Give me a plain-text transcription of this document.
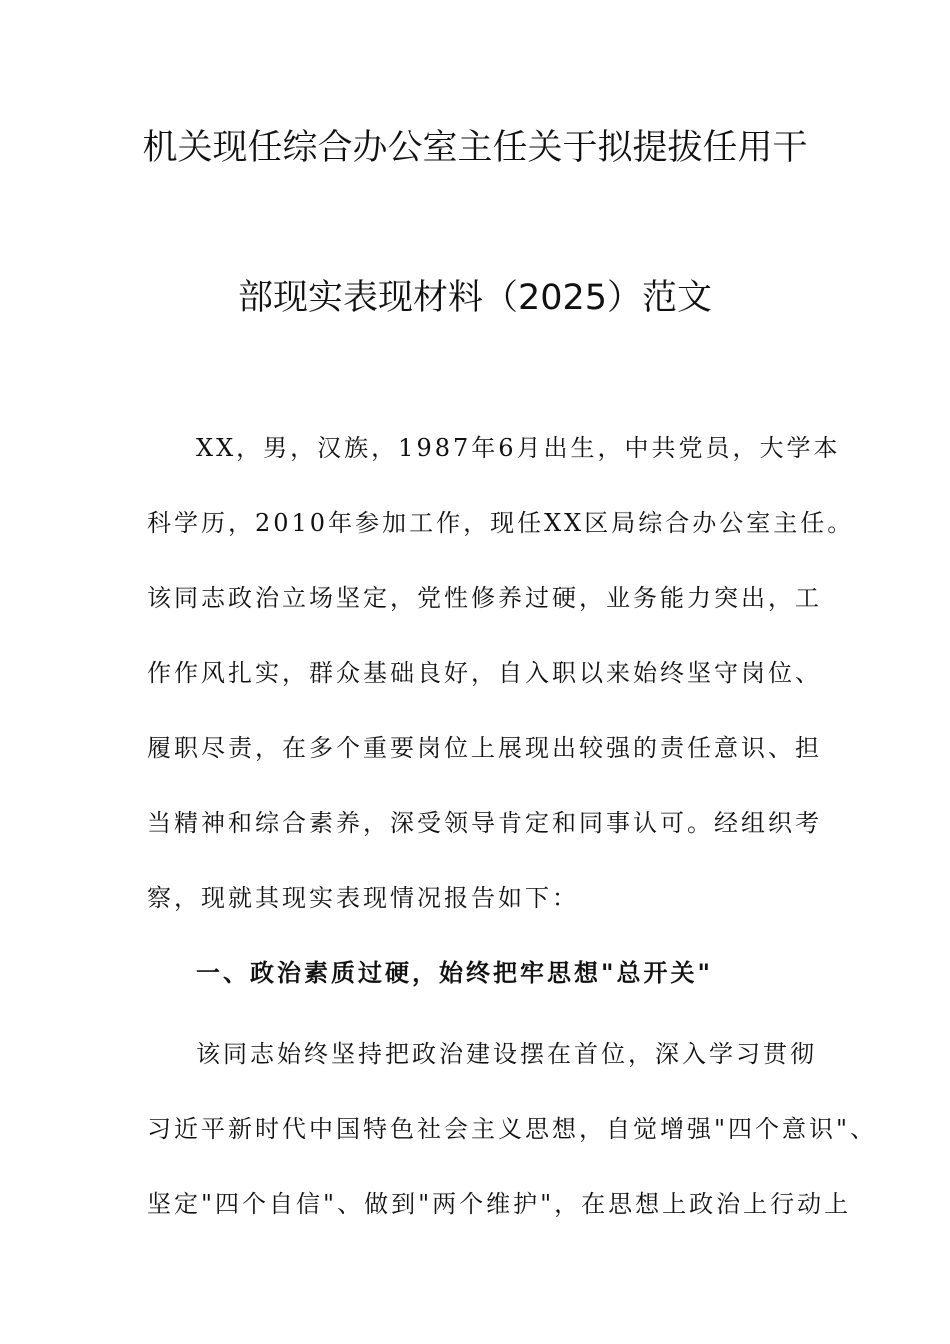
机关现任综合办公室主任关于拟提拔任用干
部现实表现材料（2025）范文
XX，男，汉族，1987年6月出生，中共党员，大学本
科学历，2010年参加工作，现任XX区局综合办公室主任。
该同志政治立场坚定，党性修养过硬，业务能力突出，工
作作风扎实，群众基础良好，自入职以来始终坚守岗位、
履职尽责，在多个重要岗位上展现出较强的责任意识、担
当精神和综合素养，深受领导肯定和同事认可。经组织考
察，现就其现实表现情况报告如下：
一、政治素质过硬，始终把牢思想"总开关"
该同志始终坚持把政治建设摆在首位，深入学习贯彻
习近平新时代中国特色社会主义思想，自觉增强"四个意识"、
坚定"四个自信"、做到"两个维护"，在思想上政治上行动上
